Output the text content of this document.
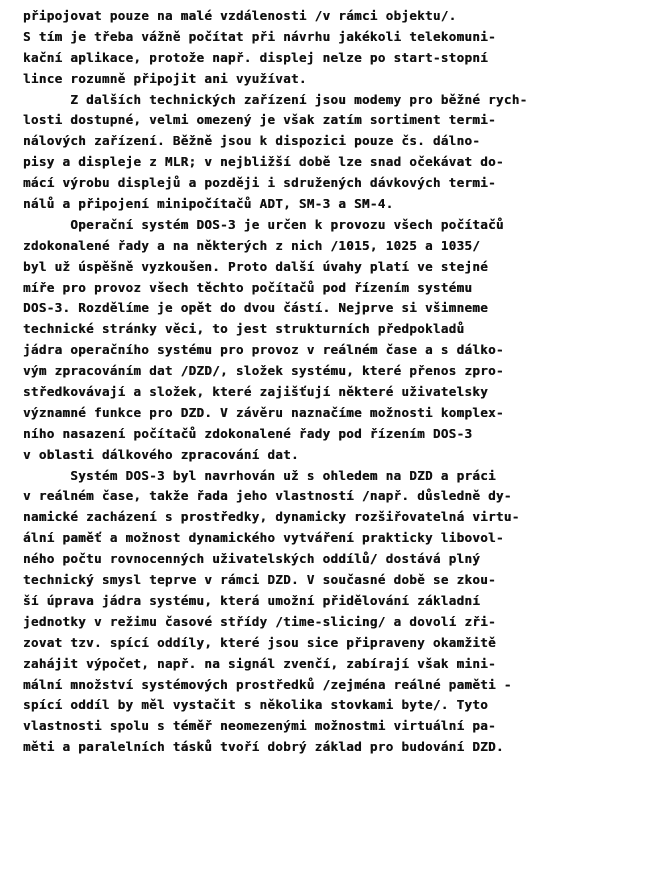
připojovat pouze na malé vzdálenosti /v rámci objektu/.
S tím je třeba vážně počítat při návrhu jakékoli telekomuni-
kační aplikace, protože např. displej nelze po start-stopní
lince rozumně připojit ani využívat.
Z dalších technických zařízení jsou modemy pro běžné rych-
losti dostupné, velmi omezený je však zatím sortiment termi-
nálových zařízení. Běžně jsou k dispozici pouze čs. dálno-
pisy a displeje z MLR; v nejbližší době lze snad očekávat do-
mácí výrobu displejů a později i sdružených dávkových termi-
nálů a připojení minipočítačů ADT, SM-3 a SM-4.
Operační systém DOS-3 je určen k provozu všech počítačů
zdokonalené řady a na některých z nich /1015, 1025 a 1035/
byl už úspěšně vyzkoušen. Proto další úvahy platí ve stejné
míře pro provoz všech těchto počítačů pod řízením systému
DOS-3. Rozdělíme je opět do dvou částí. Nejprve si všimneme
technické stránky věci, to jest strukturních předpokladů
jádra operačního systému pro provoz v reálném čase a s dálko-
vým zpracováním dat /DZD/, složek systému, které přenos zpro-
středkovávají a složek, které zajišťují některé uživatelsky
významné funkce pro DZD. V závěru naznačíme možnosti komplex-
ního nasazení počítačů zdokonalené řady pod řízením DOS-3
v oblasti dálkového zpracování dat.
Systém DOS-3 byl navrhován už s ohledem na DZD a práci
v reálném čase, takže řada jeho vlastností /např. důsledně dy-
namické zacházení s prostředky, dynamicky rozšiřovatelná virtu-
ální paměť a možnost dynamického vytváření prakticky libovol-
ného počtu rovnocenných uživatelských oddílů/ dostává plný
technický smysl teprve v rámci DZD. V současné době se zkou-
ší úprava jádra systému, která umožní přidělování základní
jednotky v režimu časové střídy /time-slicing/ a dovolí zři-
zovat tzv. spící oddíly, které jsou sice připraveny okamžitě
zahájit výpočet, např. na signál zvenčí, zabírají však mini-
mální množství systémových prostředků /zejména reálné paměti -
spící oddíl by měl vystačit s několika stovkami byte/. Tyto
vlastnosti spolu s téměř neomezenými možnostmi virtuální pa-
měti a paralelních tásků tvoří dobrý základ pro budování DZD.
